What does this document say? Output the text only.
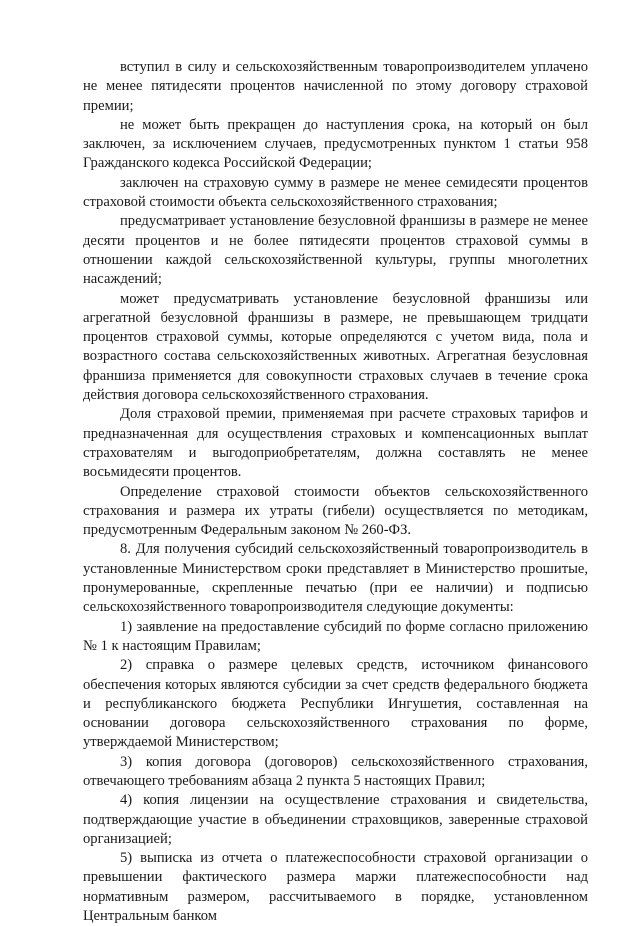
вступил в силу и сельскохозяйственным товаропроизводителем уплачено не менее пятидесяти процентов начисленной по этому договору страховой премии;

не может быть прекращен до наступления срока, на который он был заключен, за исключением случаев, предусмотренных пунктом 1 статьи 958 Гражданского кодекса Российской Федерации;

заключен на страховую сумму в размере не менее семидесяти процентов страховой стоимости объекта сельскохозяйственного страхования;

предусматривает установление безусловной франшизы в размере не менее десяти процентов и не более пятидесяти процентов страховой суммы в отношении каждой сельскохозяйственной культуры, группы многолетних насаждений;

может предусматривать установление безусловной франшизы или агрегатной безусловной франшизы в размере, не превышающем тридцати процентов страховой суммы, которые определяются с учетом вида, пола и возрастного состава сельскохозяйственных животных. Агрегатная безусловная франшиза применяется для совокупности страховых случаев в течение срока действия договора сельскохозяйственного страхования.

Доля страховой премии, применяемая при расчете страховых тарифов и предназначенная для осуществления страховых и компенсационных выплат страхователям и выгодоприобретателям, должна составлять не менее восьмидесяти процентов.

Определение страховой стоимости объектов сельскохозяйственного страхования и размера их утраты (гибели) осуществляется по методикам, предусмотренным Федеральным законом № 260-ФЗ.

8. Для получения субсидий сельскохозяйственный товаропроизводитель в установленные Министерством сроки представляет в Министерство прошитые, пронумерованные, скрепленные печатью (при ее наличии) и подписью сельскохозяйственного товаропроизводителя следующие документы:

1) заявление на предоставление субсидий по форме согласно приложению № 1 к настоящим Правилам;

2) справка о размере целевых средств, источником финансового обеспечения которых являются субсидии за счет средств федерального бюджета и республиканского бюджета Республики Ингушетия, составленная на основании договора сельскохозяйственного страхования по форме, утверждаемой Министерством;

3) копия договора (договоров) сельскохозяйственного страхования, отвечающего требованиям абзаца 2 пункта 5 настоящих Правил;

4) копия лицензии на осуществление страхования и свидетельства, подтверждающие участие в объединении страховщиков, заверенные страховой организацией;

5) выписка из отчета о платежеспособности страховой организации о превышении фактического размера маржи платежеспособности над нормативным размером, рассчитываемого в порядке, установленном Центральным банком
